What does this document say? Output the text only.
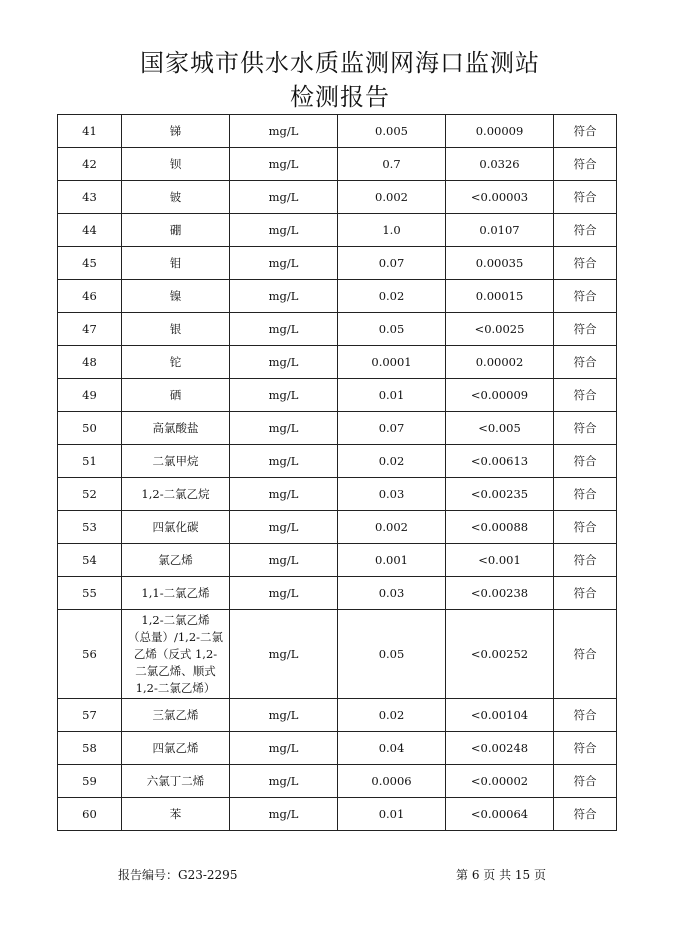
国家城市供水水质监测网海口监测站
检测报告
41	锑	mg/L	0.005	0.00009	符合
42	钡	mg/L	0.7	0.0326	符合
43	铍	mg/L	0.002	<0.00003	符合
44	硼	mg/L	1.0	0.0107	符合
45	钼	mg/L	0.07	0.00035	符合
46	镍	mg/L	0.02	0.00015	符合
47	银	mg/L	0.05	<0.0025	符合
48	铊	mg/L	0.0001	0.00002	符合
49	硒	mg/L	0.01	<0.00009	符合
50	高氯酸盐	mg/L	0.07	<0.005	符合
51	二氯甲烷	mg/L	0.02	<0.00613	符合
52	1,2-二氯乙烷	mg/L	0.03	<0.00235	符合
53	四氯化碳	mg/L	0.002	<0.00088	符合
54	氯乙烯	mg/L	0.001	<0.001	符合
55	1,1-二氯乙烯	mg/L	0.03	<0.00238	符合
56	1,2-二氯乙烯
（总量）/1,2-二氯
乙烯（反式 1,2-
二氯乙烯、顺式
1,2-二氯乙烯）	mg/L	0.05	<0.00252	符合
57	三氯乙烯	mg/L	0.02	<0.00104	符合
58	四氯乙烯	mg/L	0.04	<0.00248	符合
59	六氯丁二烯	mg/L	0.0006	<0.00002	符合
60	苯	mg/L	0.01	<0.00064	符合
报告编号：G23-2295	第 6 页 共 15 页
